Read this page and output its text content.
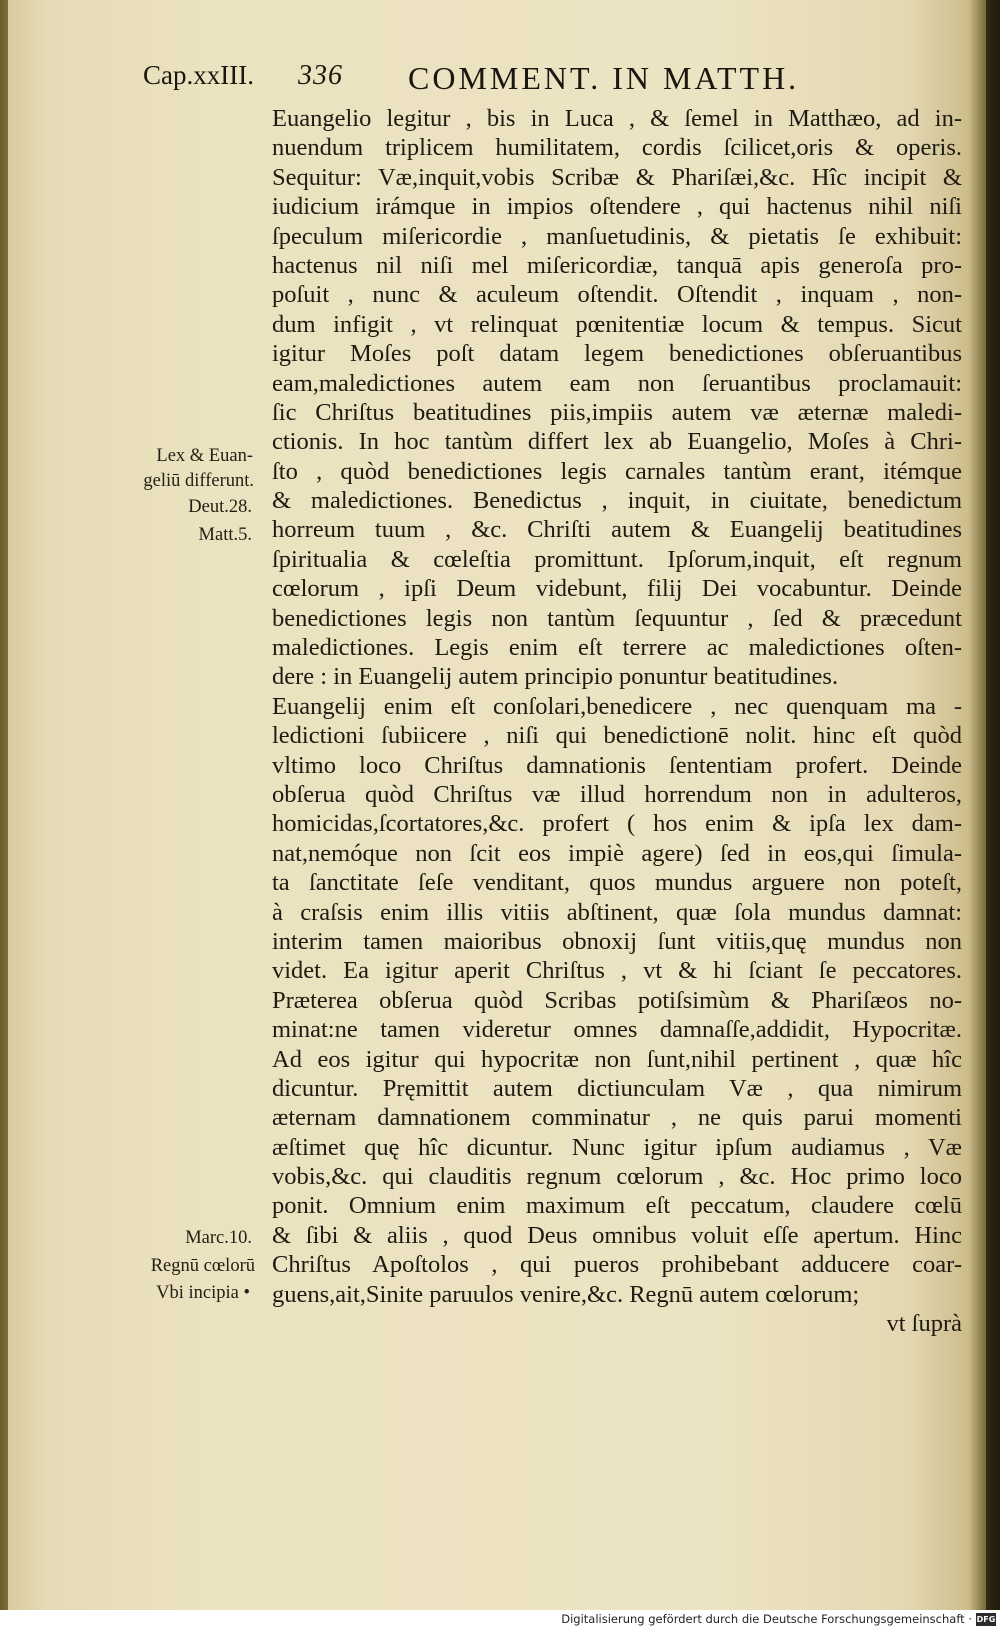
Cap.xxIII. 336 COMMENT. IN MATTH.
Euangelio legitur , bis in Luca , & ſemel in Matthæo, ad in-
nuendum triplicem humilitatem, cordis ſcilicet,oris & operis.
Sequitur: Væ,inquit,vobis Scribæ & Phariſæi,&c. Hîc incipit &
iudicium irámque in impios oſtendere , qui hactenus nihil niſi
ſpeculum miſericordie , manſuetudinis, & pietatis ſe exhibuit:
hactenus nil niſi mel miſericordiæ, tanquā apis generoſa pro-
poſuit , nunc & aculeum oſtendit. Oſtendit , inquam , non-
dum infigit , vt relinquat pœnitentiæ locum & tempus. Sicut
igitur Moſes poſt datam legem benedictiones obſeruantibus
eam,maledictiones autem eam non ſeruantibus proclamauit:
ſic Chriſtus beatitudines piis,impiis autem væ æternæ maledi-
ctionis. In hoc tantùm differt lex ab Euangelio, Moſes à Chri-
ſto , quòd benedictiones legis carnales tantùm erant, itémque
& maledictiones. Benedictus , inquit, in ciuitate, benedictum
horreum tuum , &c. Chriſti autem & Euangelij beatitudines
ſpiritualia & cœleſtia promittunt. Ipſorum,inquit, eſt regnum
cœlorum , ipſi Deum videbunt, filij Dei vocabuntur. Deinde
benedictiones legis non tantùm ſequuntur , ſed & præcedunt
maledictiones. Legis enim eſt terrere ac maledictiones oſten-
dere : in Euangelij autem principio ponuntur beatitudines.
Euangelij enim eſt conſolari,benedicere , nec quenquam ma -
ledictioni ſubiicere , niſi qui benedictionē nolit. hinc eſt quòd
vltimo loco Chriſtus damnationis ſententiam profert. Deinde
obſerua quòd Chriſtus væ illud horrendum non in adulteros,
homicidas,ſcortatores,&c. profert ( hos enim & ipſa lex dam-
nat,nemóque non ſcit eos impiè agere) ſed in eos,qui ſimula-
ta ſanctitate ſeſe venditant, quos mundus arguere non poteſt,
à craſsis enim illis vitiis abſtinent, quæ ſola mundus damnat:
interim tamen maioribus obnoxij ſunt vitiis,quę mundus non
videt. Ea igitur aperit Chriſtus , vt & hi ſciant ſe peccatores.
Præterea obſerua quòd Scribas potiſsimùm & Phariſæos no-
minat:ne tamen videretur omnes damnaſſe,addidit, Hypocritæ.
Ad eos igitur qui hypocritæ non ſunt,nihil pertinent , quæ hîc
dicuntur. Pręmittit autem dictiunculam Væ , qua nimirum
æternam damnationem comminatur , ne quis parui momenti
æſtimet quę hîc dicuntur. Nunc igitur ipſum audiamus , Væ
vobis,&c. qui clauditis regnum cœlorum , &c. Hoc primo loco
ponit. Omnium enim maximum eſt peccatum, claudere cœlū
& ſibi & aliis , quod Deus omnibus voluit eſſe apertum. Hinc
Chriſtus Apoſtolos , qui pueros prohibebant adducere coar-
guens,ait,Sinite paruulos venire,&c. Regnū autem cœlorum;
vt ſuprà
Lex & Euan-
geliū differunt.
Deut.28.
Matt.5.
Marc.10.
Regnū cœlorū
Vbi incipia •
Digitalisierung gefördert durch die Deutsche Forschungsgemeinschaft · DFG
